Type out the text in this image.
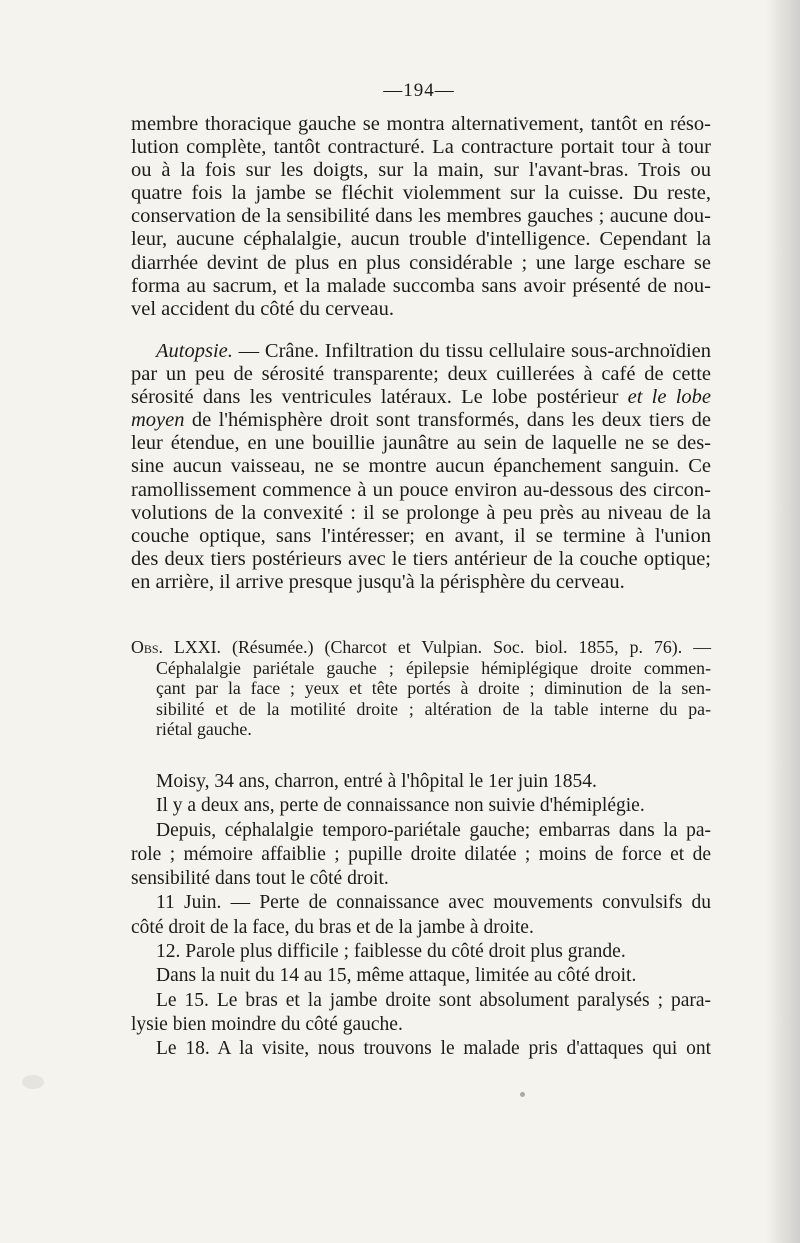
—194—
membre thoracique gauche se montra alternativement, tantôt en réso-
lution complète, tantôt contracturé. La contracture portait tour à tour
ou à la fois sur les doigts, sur la main, sur l'avant-bras. Trois ou
quatre fois la jambe se fléchit violemment sur la cuisse. Du reste,
conservation de la sensibilité dans les membres gauches ; aucune dou-
leur, aucune céphalalgie, aucun trouble d'intelligence. Cependant la
diarrhée devint de plus en plus considérable ; une large eschare se
forma au sacrum, et la malade succomba sans avoir présenté de nou-
vel accident du côté du cerveau.
Autopsie. — Crâne. Infiltration du tissu cellulaire sous-archnoïdien
par un peu de sérosité transparente; deux cuillerées à café de cette
sérosité dans les ventricules latéraux. Le lobe postérieur et le lobe
moyen de l'hémisphère droit sont transformés, dans les deux tiers de
leur étendue, en une bouillie jaunâtre au sein de laquelle ne se des-
sine aucun vaisseau, ne se montre aucun épanchement sanguin. Ce
ramollissement commence à un pouce environ au-dessous des circon-
volutions de la convexité : il se prolonge à peu près au niveau de la
couche optique, sans l'intéresser; en avant, il se termine à l'union
des deux tiers postérieurs avec le tiers antérieur de la couche optique;
en arrière, il arrive presque jusqu'à la périsphère du cerveau.
Obs. LXXI. (Résumée.) (Charcot et Vulpian. Soc. biol. 1855, p. 76). —
Céphalalgie pariétale gauche ; épilepsie hémiplégique droite commen-
çant par la face ; yeux et tête portés à droite ; diminution de la sen-
sibilité et de la motilité droite ; altération de la table interne du pa-
riétal gauche.
Moisy, 34 ans, charron, entré à l'hôpital le 1er juin 1854.
Il y a deux ans, perte de connaissance non suivie d'hémiplégie.
Depuis, céphalalgie temporo-pariétale gauche; embarras dans la pa-
role ; mémoire affaiblie ; pupille droite dilatée ; moins de force et de
sensibilité dans tout le côté droit.
11 Juin. — Perte de connaissance avec mouvements convulsifs du
côté droit de la face, du bras et de la jambe à droite.
12. Parole plus difficile ; faiblesse du côté droit plus grande.
Dans la nuit du 14 au 15, même attaque, limitée au côté droit.
Le 15. Le bras et la jambe droite sont absolument paralysés ; para-
lysie bien moindre du côté gauche.
Le 18. A la visite, nous trouvons le malade pris d'attaques qui ont
